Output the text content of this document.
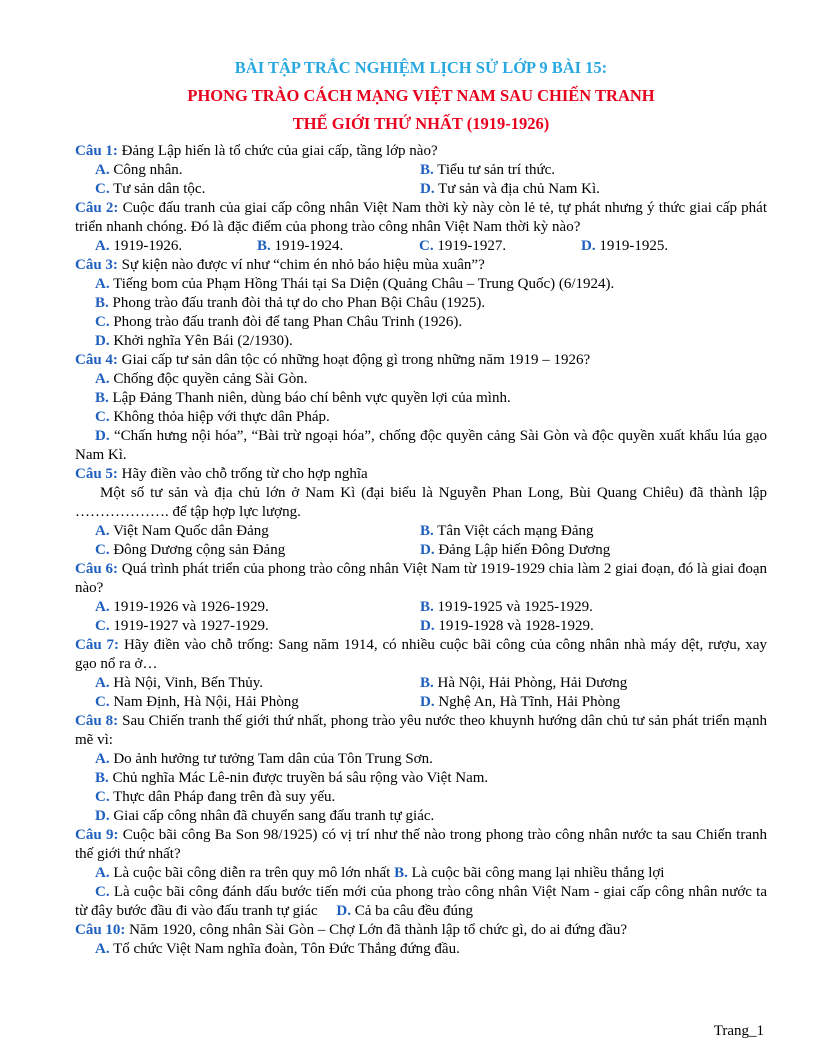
BÀI TẬP TRẮC NGHIỆM LỊCH SỬ LỚP 9 BÀI 15:
PHONG TRÀO CÁCH MẠNG VIỆT NAM SAU CHIẾN TRANH
THẾ GIỚI THỨ NHẤT (1919-1926)
Câu 1: Đảng Lập hiến là tổ chức của giai cấp, tầng lớp nào?
A. Công nhân.	B. Tiểu tư sản trí thức.
C. Tư sản dân tộc.	D. Tư sản và địa chủ Nam Kì.
Câu 2: Cuộc đấu tranh của giai cấp công nhân Việt Nam thời kỳ này còn lẻ tẻ, tự phát nhưng ý thức giai cấp phát triển nhanh chóng. Đó là đặc điểm của phong trào công nhân Việt Nam thời kỳ nào?
A. 1919-1926.	B. 1919-1924.	C. 1919-1927.	D. 1919-1925.
Câu 3: Sự kiện nào được ví như “chim én nhỏ báo hiệu mùa xuân”?
A. Tiếng bom của Phạm Hồng Thái tại Sa Diện (Quảng Châu – Trung Quốc) (6/1924).
B. Phong trào đấu tranh đòi thả tự do cho Phan Bội Châu (1925).
C. Phong trào đấu tranh đòi để tang Phan Châu Trinh (1926).
D. Khởi nghĩa Yên Bái (2/1930).
Câu 4: Giai cấp tư sản dân tộc có những hoạt động gì trong những năm 1919 – 1926?
A. Chống độc quyền cảng Sài Gòn.
B. Lập Đảng Thanh niên, dùng báo chí bênh vực quyền lợi của mình.
C. Không thỏa hiệp với thực dân Pháp.
D. “Chấn hưng nội hóa”, “Bài trừ ngoại hóa”, chống độc quyền cảng Sài Gòn và độc quyền xuất khẩu lúa gạo Nam Kì.
Câu 5: Hãy điền vào chỗ trống từ cho hợp nghĩa
Một số tư sản và địa chủ lớn ở Nam Kì (đại biểu là Nguyễn Phan Long, Bùi Quang Chiêu) đã thành lập ………………. để tập hợp lực lượng.
A. Việt Nam Quốc dân Đảng	B. Tân Việt cách mạng Đảng
C. Đông Dương cộng sản Đảng	D. Đảng Lập hiến Đông Dương
Câu 6: Quá trình phát triển của phong trào công nhân Việt Nam từ 1919-1929 chia làm 2 giai đoạn, đó là giai đoạn nào?
A. 1919-1926 và 1926-1929.	B. 1919-1925 và 1925-1929.
C. 1919-1927 và 1927-1929.	D. 1919-1928 và 1928-1929.
Câu 7: Hãy điền vào chỗ trống: Sang năm 1914, có nhiều cuộc bãi công của công nhân nhà máy dệt, rượu, xay gạo nổ ra ở…
A. Hà Nội, Vinh, Bến Thủy.	B. Hà Nội, Hải Phòng, Hải Dương
C. Nam Định, Hà Nội, Hải Phòng	D. Nghệ An, Hà Tĩnh, Hải Phòng
Câu 8: Sau Chiến tranh thế giới thứ nhất, phong trào yêu nước theo khuynh hướng dân chủ tư sản phát triển mạnh mẽ vì:
A. Do ảnh hưởng tư tưởng Tam dân của Tôn Trung Sơn.
B. Chủ nghĩa Mác Lê-nin được truyền bá sâu rộng vào Việt Nam.
C. Thực dân Pháp đang trên đà suy yếu.
D. Giai cấp công nhân đã chuyển sang đấu tranh tự giác.
Câu 9: Cuộc bãi công Ba Son 98/1925) có vị trí như thế nào trong phong trào công nhân nước ta sau Chiến tranh thế giới thứ nhất?
A. Là cuộc bãi công diễn ra trên quy mô lớn nhất B. Là cuộc bãi công mang lại nhiều thắng lợi
C. Là cuộc bãi công đánh dấu bước tiến mới của phong trào công nhân Việt Nam - giai cấp công nhân nước ta từ đây bước đầu đi vào đấu tranh tự giác D. Cả ba câu đều đúng
Câu 10: Năm 1920, công nhân Sài Gòn – Chợ Lớn đã thành lập tổ chức gì, do ai đứng đầu?
A. Tổ chức Việt Nam nghĩa đoàn, Tôn Đức Thắng đứng đầu.
Trang_1
